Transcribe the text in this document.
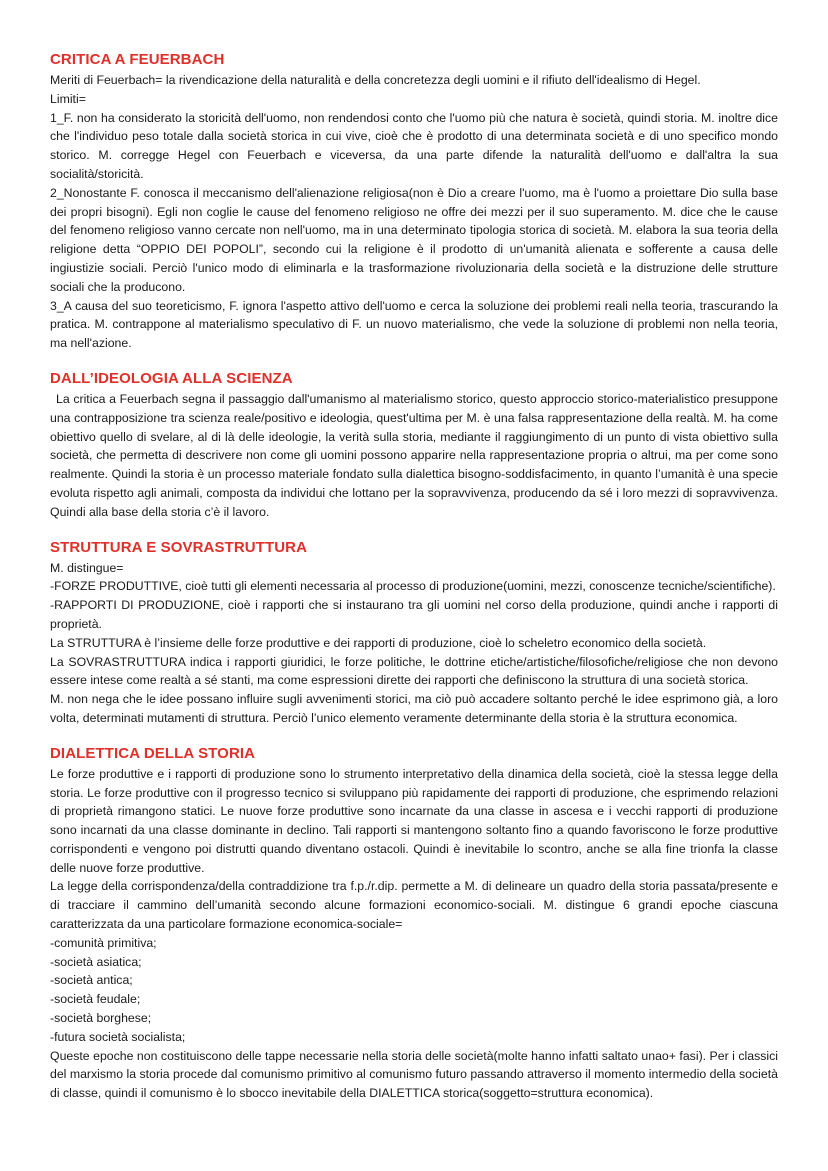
CRITICA A FEUERBACH

Meriti di Feuerbach= la rivendicazione della naturalità e della concretezza degli uomini e il rifiuto dell'idealismo di Hegel.

Limiti=

1_F. non ha considerato la storicità dell'uomo, non rendendosi conto che l'uomo più che natura è società, quindi storia. M. inoltre dice che l'individuo peso totale dalla società storica in cui vive, cioè che è prodotto di una determinata società e di uno specifico mondo storico. M. corregge Hegel con Feuerbach e viceversa, da una parte difende la naturalità dell'uomo e dall'altra la sua socialità/storicità.

2_Nonostante F. conosca il meccanismo dell'alienazione religiosa(non è Dio a creare l'uomo, ma è l'uomo a proiettare Dio sulla base dei propri bisogni). Egli non coglie le cause del fenomeno religioso ne offre dei mezzi per il suo superamento. M. dice che le cause del fenomeno religioso vanno cercate non nell'uomo, ma in una determinato tipologia storica di società. M. elabora la sua teoria della religione detta “OPPIO DEI POPOLI”, secondo cui la religione è il prodotto di un'umanità alienata e sofferente a causa delle ingiustizie sociali. Perciò l'unico modo di eliminarla e la trasformazione rivoluzionaria della società e la distruzione delle strutture sociali che la producono.

3_A causa del suo teoreticismo, F. ignora l'aspetto attivo dell'uomo e cerca la soluzione dei problemi reali nella teoria, trascurando la pratica. M. contrappone al materialismo speculativo di F. un nuovo materialismo, che vede la soluzione di problemi non nella teoria, ma nell'azione.

DALL’IDEOLOGIA ALLA SCIENZA

La critica a Feuerbach segna il passaggio dall'umanismo al materialismo storico, questo approccio storico-materialistico presuppone una contrapposizione tra scienza reale/positivo e ideologia, quest'ultima per M. è una falsa rappresentazione della realtà. M. ha come obiettivo quello di svelare, al di là delle ideologie, la verità sulla storia, mediante il raggiungimento di un punto di vista obiettivo sulla società, che permetta di descrivere non come gli uomini possono apparire nella rappresentazione propria o altrui, ma per come sono realmente. Quindi la storia è un processo materiale fondato sulla dialettica bisogno-soddisfacimento, in quanto l’umanità è una specie evoluta rispetto agli animali, composta da individui che lottano per la sopravvivenza, producendo da sé i loro mezzi di sopravvivenza. Quindi alla base della storia c’è il lavoro.

STRUTTURA E SOVRASTRUTTURA

M. distingue=

-FORZE PRODUTTIVE, cioè tutti gli elementi necessaria al processo di produzione(uomini, mezzi, conoscenze tecniche/scientifiche).

-RAPPORTI DI PRODUZIONE, cioè i rapporti che si instaurano tra gli uomini nel corso della produzione, quindi anche i rapporti di proprietà.

La STRUTTURA è l’insieme delle forze produttive e dei rapporti di produzione, cioè lo scheletro economico della società.

La SOVRASTRUTTURA indica i rapporti giuridici, le forze politiche, le dottrine etiche/artistiche/filosofiche/religiose che non devono essere intese come realtà a sé stanti, ma come espressioni dirette dei rapporti che definiscono la struttura di una società storica.

M. non nega che le idee possano influire sugli avvenimenti storici, ma ciò può accadere soltanto perché le idee esprimono già, a loro volta, determinati mutamenti di struttura. Perciò l’unico elemento veramente determinante della storia è la struttura economica.

DIALETTICA DELLA STORIA

Le forze produttive e i rapporti di produzione sono lo strumento interpretativo della dinamica della società, cioè la stessa legge della storia. Le forze produttive con il progresso tecnico si sviluppano più rapidamente dei rapporti di produzione, che esprimendo relazioni di proprietà rimangono statici. Le nuove forze produttive sono incarnate da una classe in ascesa e i vecchi rapporti di produzione sono incarnati da una classe dominante in declino. Tali rapporti si mantengono soltanto fino a quando favoriscono le forze produttive corrispondenti e vengono poi distrutti quando diventano ostacoli. Quindi è inevitabile lo scontro, anche se alla fine trionfa la classe delle nuove forze produttive.

La legge della corrispondenza/della contraddizione tra f.p./r.dip. permette a M. di delineare un quadro della storia passata/presente e di tracciare il cammino dell’umanità secondo alcune formazioni economico-sociali. M. distingue 6 grandi epoche ciascuna caratterizzata da una particolare formazione economica-sociale=

-comunità primitiva;

-società asiatica;

-società antica;

-società feudale;

-società borghese;

-futura società socialista;

Queste epoche non costituiscono delle tappe necessarie nella storia delle società(molte hanno infatti saltato unao+ fasi). Per i classici del marxismo la storia procede dal comunismo primitivo al comunismo futuro passando attraverso il momento intermedio della società di classe, quindi il comunismo è lo sbocco inevitabile della DIALETTICA storica(soggetto=struttura economica).
